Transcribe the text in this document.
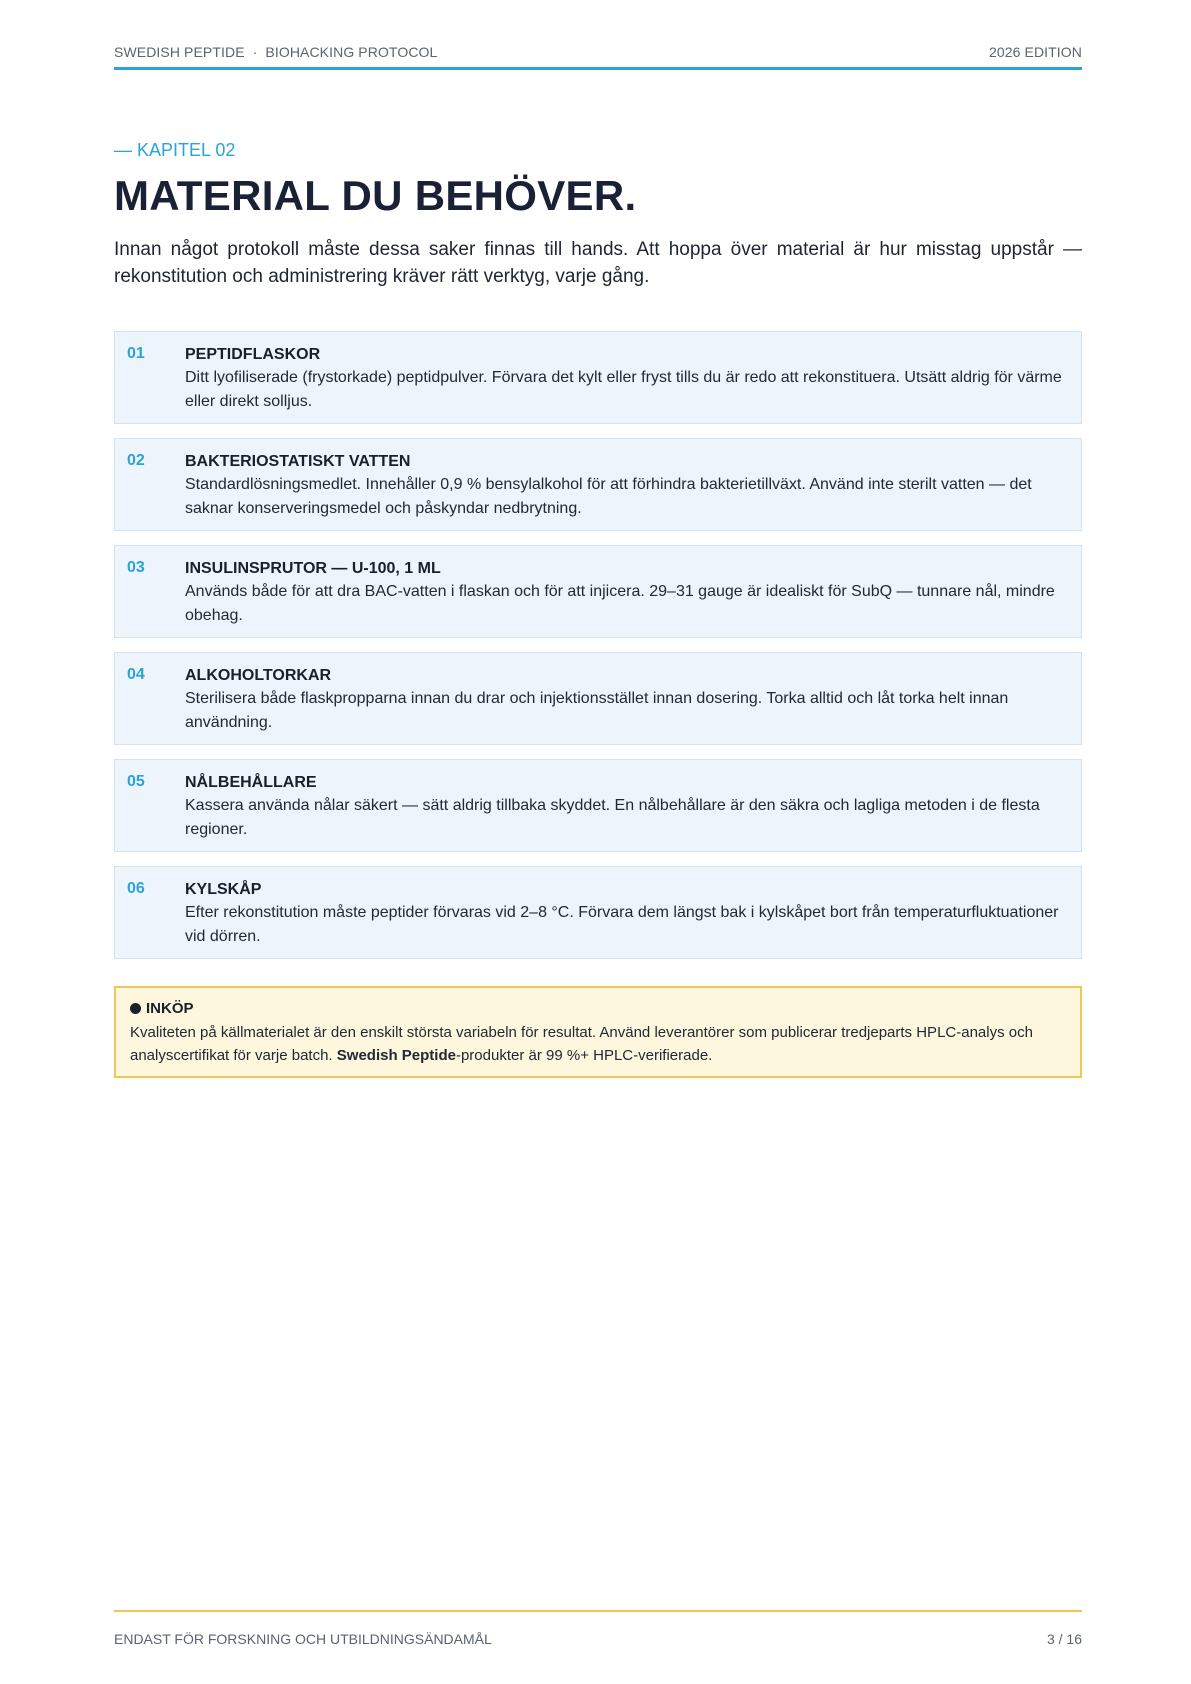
SWEDISH PEPTIDE · BIOHACKING PROTOCOL	2026 EDITION
— KAPITEL 02
MATERIAL DU BEHÖVER.

Innan något protokoll måste dessa saker finnas till hands. Att hoppa över material är hur misstag uppstår — rekonstitution och administrering kräver rätt verktyg, varje gång.

01	PEPTIDFLASKOR
Ditt lyofiliserade (frystorkade) peptidpulver. Förvara det kylt eller fryst tills du är redo att rekonstituera. Utsätt aldrig för värme eller direkt solljus.
02	BAKTERIOSTATISKT VATTEN
Standardlösningsmedlet. Innehåller 0,9 % bensylalkohol för att förhindra bakterietillväxt. Använd inte sterilt vatten — det saknar konserveringsmedel och påskyndar nedbrytning.
03	INSULINSPRUTOR — U-100, 1 ML
Används både för att dra BAC-vatten i flaskan och för att injicera. 29–31 gauge är idealiskt för SubQ — tunnare nål, mindre obehag.
04	ALKOHOLTORKAR
Sterilisera både flaskpropparna innan du drar och injektionsstället innan dosering. Torka alltid och låt torka helt innan användning.
05	NÅLBEHÅLLARE
Kassera använda nålar säkert — sätt aldrig tillbaka skyddet. En nålbehållare är den säkra och lagliga metoden i de flesta regioner.
06	KYLSKÅP
Efter rekonstitution måste peptider förvaras vid 2–8 °C. Förvara dem längst bak i kylskåpet bort från temperaturfluktuationer vid dörren.
INKÖP
Kvaliteten på källmaterialet är den enskilt största variabeln för resultat. Använd leverantörer som publicerar tredjeparts HPLC-analys och analyscertifikat för varje batch. Swedish Peptide-produkter är 99 %+ HPLC-verifierade.
ENDAST FÖR FORSKNING OCH UTBILDNINGSÄNDAMÅL	3 / 16
